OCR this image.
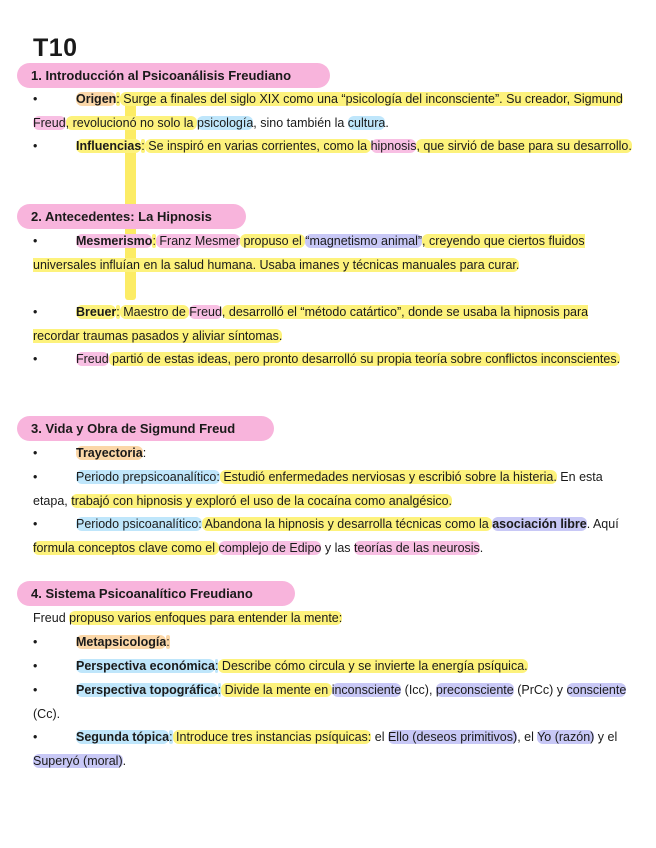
T10
1. Introducción al Psicoanálisis Freudiano

•	Origen: Surge a finales del siglo XIX como una “psicología del inconsciente”. Su creador, Sigmund Freud, revolucionó no solo la psicología, sino también la cultura.

•	Influencias: Se inspiró en varias corrientes, como la hipnosis, que sirvió de base para su desarrollo.

2. Antecedentes: La Hipnosis

•	Mesmerismo: Franz Mesmer propuso el “magnetismo animal”, creyendo que ciertos fluidos universales influían en la salud humana. Usaba imanes y técnicas manuales para curar.

•	Breuer: Maestro de Freud, desarrolló el “método catártico”, donde se usaba la hipnosis para recordar traumas pasados y aliviar síntomas.

•	Freud partió de estas ideas, pero pronto desarrolló su propia teoría sobre conflictos inconscientes.

3. Vida y Obra de Sigmund Freud

•	Trayectoria:

•	Periodo prepsicoanalítico: Estudió enfermedades nerviosas y escribió sobre la histeria. En esta etapa, trabajó con hipnosis y exploró el uso de la cocaína como analgésico.

•	Periodo psicoanalítico: Abandona la hipnosis y desarrolla técnicas como la asociación libre. Aquí formula conceptos clave como el complejo de Edipo y las teorías de las neurosis.

4. Sistema Psicoanalítico Freudiano

Freud propuso varios enfoques para entender la mente:

•	Metapsicología:

•	Perspectiva económica: Describe cómo circula y se invierte la energía psíquica.

•	Perspectiva topográfica: Divide la mente en inconsciente (Icc), preconsciente (PrCc) y consciente (Cc).

•	Segunda tópica: Introduce tres instancias psíquicas: el Ello (deseos primitivos), el Yo (razón) y el Superyó (moral).
